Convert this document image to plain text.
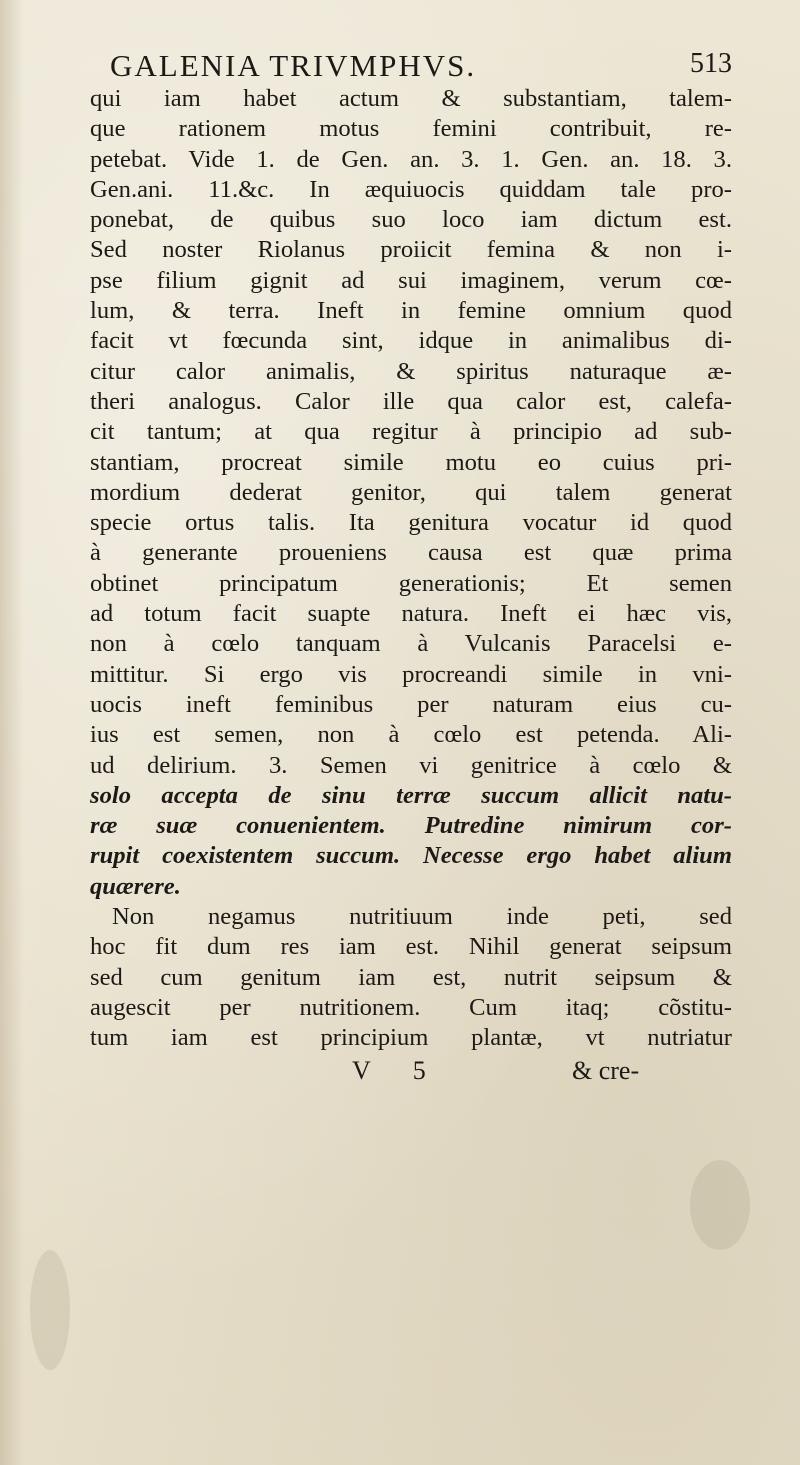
GALENIA TRIVMPHVS.	513
qui iam habet actum & substantiam, talem-
que rationem motus femini contribuit, re-
petebat. Vide 1. de Gen. an. 3. 1. Gen. an. 18. 3.
Gen.ani. 11.&c. In æquiuocis quiddam tale pro-
ponebat, de quibus suo loco iam dictum est.
Sed noster Riolanus proiicit femina & non i-
pse filium gignit ad sui imaginem, verum cœ-
lum, & terra. Ineft in femine omnium quod
facit vt fœcunda sint, idque in animalibus di-
citur calor animalis, & spiritus naturaque æ-
theri analogus. Calor ille qua calor est, calefa-
cit tantum; at qua regitur à principio ad sub-
stantiam, procreat simile motu eo cuius pri-
mordium dederat genitor, qui talem generat
specie ortus talis. Ita genitura vocatur id quod
à generante proueniens causa est quæ prima
obtinet principatum generationis; Et semen
ad totum facit suapte natura. Ineft ei hæc vis,
non à cœlo tanquam à Vulcanis Paracelsi e-
mittitur. Si ergo vis procreandi simile in vni-
uocis ineft feminibus per naturam eius cu-
ius est semen, non à cœlo est petenda. Ali-
ud delirium. 3. Semen vi genitrice à cœlo &
solo accepta de sinu terræ succum allicit natu-
ræ suæ conuenientem. Putredine nimirum cor-
rupit coexistentem succum. Necesse ergo habet alium
quærere.
Non negamus nutritiuum inde peti, sed
hoc fit dum res iam est. Nihil generat seipsum
sed cum genitum iam est, nutrit seipsum &
augescit per nutritionem. Cum itaq; cõstitu-
tum iam est principium plantæ, vt nutriatur
V 5	& cre-
